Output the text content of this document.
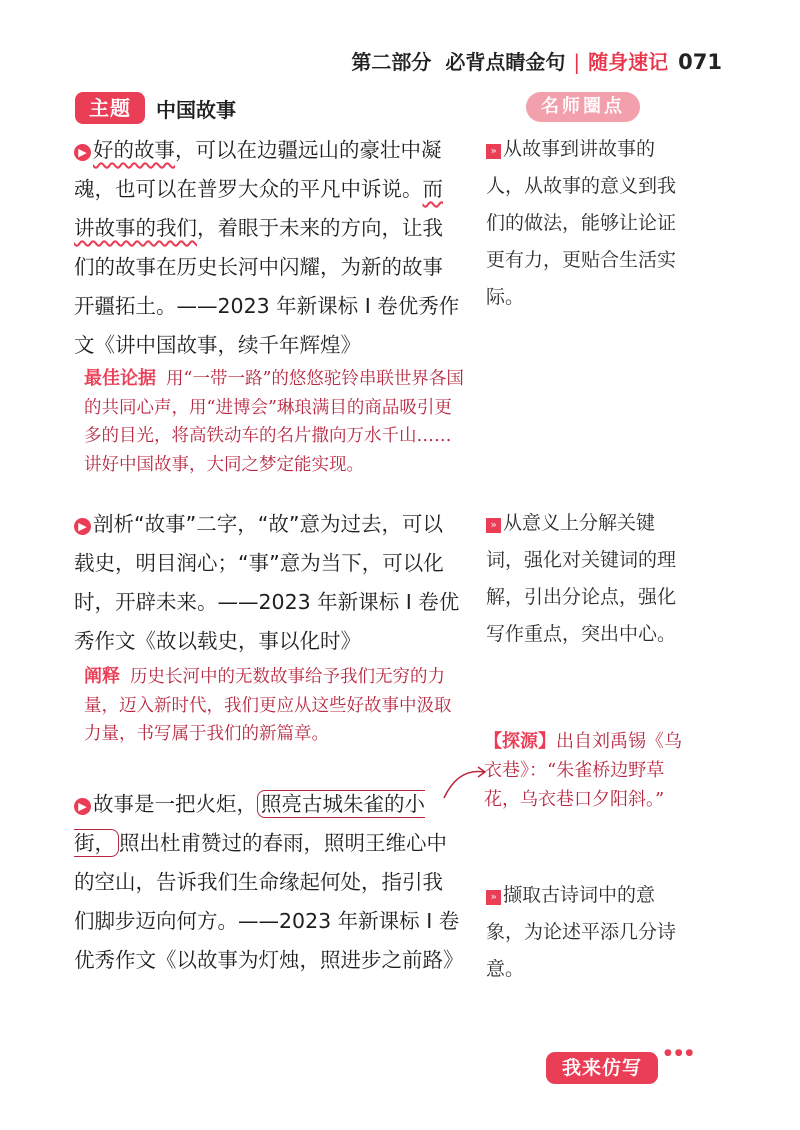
第二部分 必背点睛金句 | 随身速记 071
主题	中国故事	名师圈点

▶ 好的故事，可以在边疆远山的豪壮中凝魂，也可以在普罗大众的平凡中诉说。而讲故事的我们，着眼于未来的方向，让我们的故事在历史长河中闪耀，为新的故事开疆拓土。——2023 年新课标 Ⅰ 卷优秀作文《讲中国故事，续千年辉煌》

最佳论据 用“一带一路”的悠悠驼铃串联世界各国的共同心声，用“进博会”琳琅满目的商品吸引更多的目光，将高铁动车的名片撒向万水千山……讲好中国故事，大同之梦定能实现。

▶ 剖析“故事”二字，“故”意为过去，可以载史，明目润心；“事”意为当下，可以化时，开辟未来。——2023 年新课标 Ⅰ 卷优秀作文《故以载史，事以化时》

阐释 历史长河中的无数故事给予我们无穷的力量，迈入新时代，我们更应从这些好故事中汲取力量，书写属于我们的新篇章。

▶ 故事是一把火炬， 照亮古城朱雀的小街， 照出杜甫赞过的春雨，照明王维心中的空山，告诉我们生命缘起何处，指引我们脚步迈向何方。——2023 年新课标 Ⅰ 卷优秀作文《以故事为灯烛，照进步之前路》

» 从故事到讲故事的人，从故事的意义到我们的做法，能够让论证更有力，更贴合生活实际。

» 从意义上分解关键词，强化对关键词的理解，引出分论点，强化写作重点，突出中心。

【探源】出自刘禹锡《乌衣巷》：“朱雀桥边野草花，乌衣巷口夕阳斜。”

» 撷取古诗词中的意象，为论述平添几分诗意。

我来仿写
● ● ●
